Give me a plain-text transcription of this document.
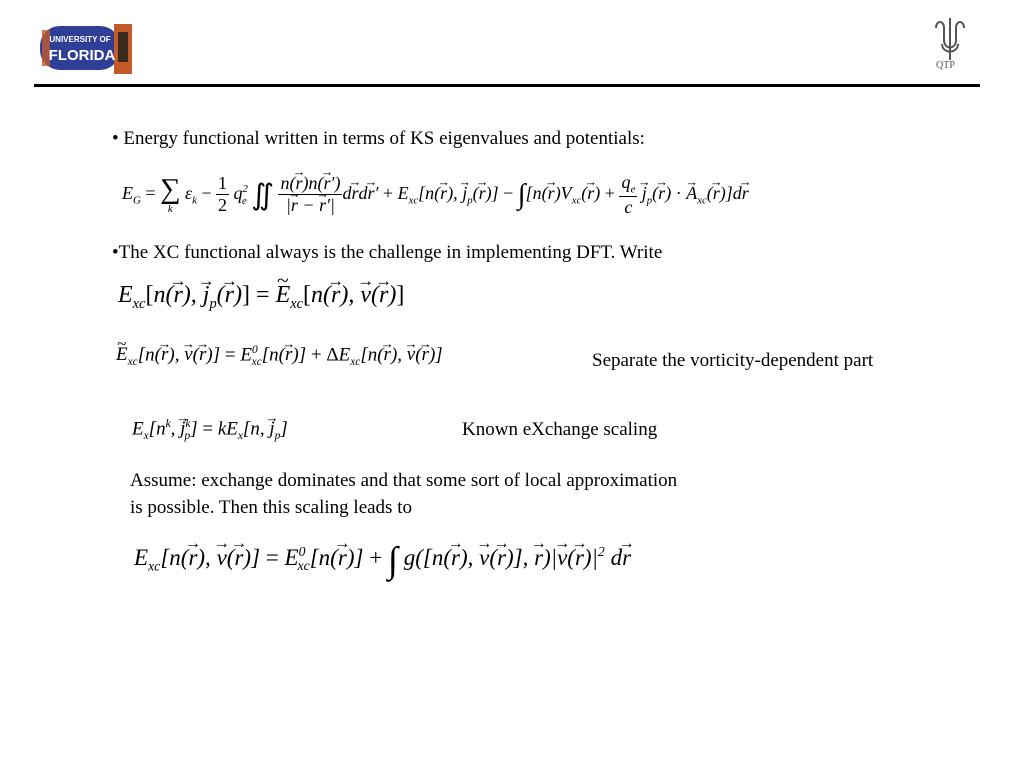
UNIVERSITY OF
FLORIDA
QTP
• Energy functional written in terms of KS eigenvalues and potentials:
$E_G$ = ∑
k
$\varepsilon_k - \frac{1}{2} q^2_e$ ∬ $\frac{n(\to r)n(\to r')}{|\to r - \to r'|} d\to rd\to r' + E_{xc}[n(\to r)$, → $j_p(\to r)] - \int[n(\to r)V_{xc}(\to r) + \frac{q_e}{c}$
→ $j_p(\to r)$ · → $A_{xc}(\to r)]d\to r$
•The XC functional always is the challenge in implementing DFT. Write
$E_{xc}[n(\to r)$, → $j_p(\to r)$] = ~ $E_{xc}[n(\to r)$, → v(→ r)]
~ $E_{xc}[n(\to r)$, → $v(\to r)] = E^0_{xc}[n(\to r)] + \Delta E_{xc}[n(\to r)$, → v(→ r)]	Separate the vorticity-dependent part
$E_x[n^k$, → $j^k_p] = kE_x[n$, → $j_p$]	Known eXchange scaling
Assume: exchange dominates and that some sort of local approximation
is possible. Then this scaling leads to
$E_{xc}[n(\to r)$, → $v(\to r)] = E^0_{xc}[n(\to r)]$ + ∫ g([n(→ r), → v(→ r)], → $r)|\to v(\to r)|^2$ d→ r
